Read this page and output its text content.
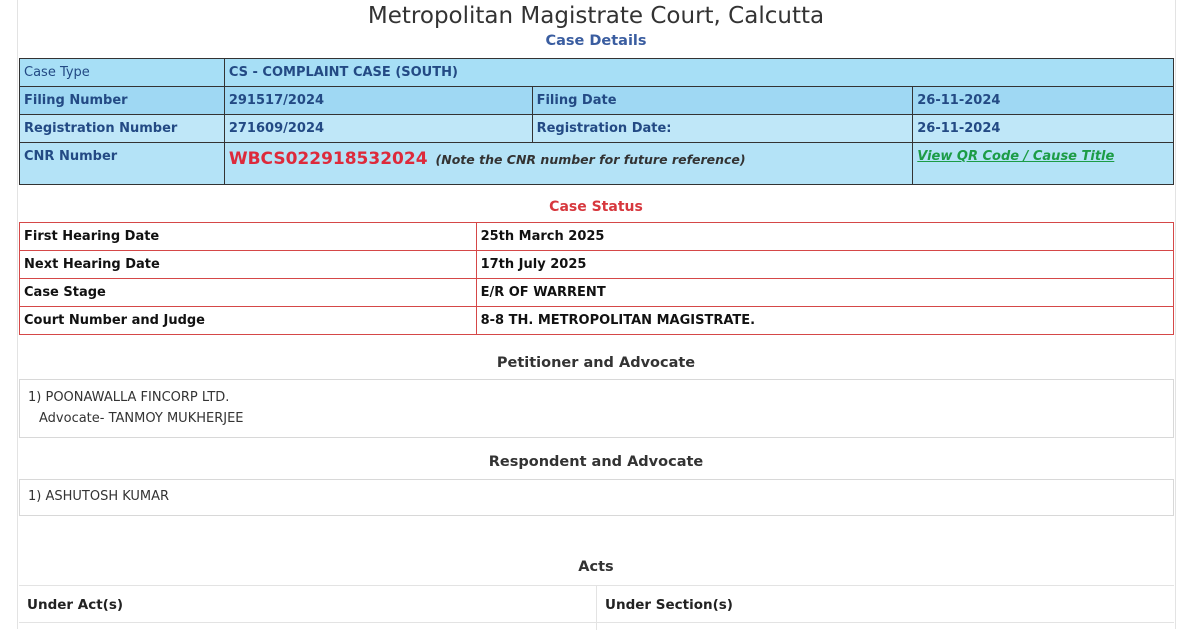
Metropolitan Magistrate Court, Calcutta
Case Details
Case Type	CS - COMPLAINT CASE (SOUTH)		
Filing Number	291517/2024	Filing Date	26-11-2024
Registration Number	271609/2024	Registration Date:	26-11-2024
CNR Number	WBCS022918532024 (Note the CNR number for future reference)		View QR Code / Cause Title
Case Status
First Hearing Date	25th March 2025
Next Hearing Date	17th July 2025
Case Stage	E/R OF WARRENT
Court Number and Judge	8-8 TH. METROPOLITAN MAGISTRATE.
Petitioner and Advocate
1) POONAWALLA FINCORP LTD.
Advocate- TANMOY MUKHERJEE
Respondent and Advocate
1) ASHUTOSH KUMAR
Acts
Under Act(s)	Under Section(s)
